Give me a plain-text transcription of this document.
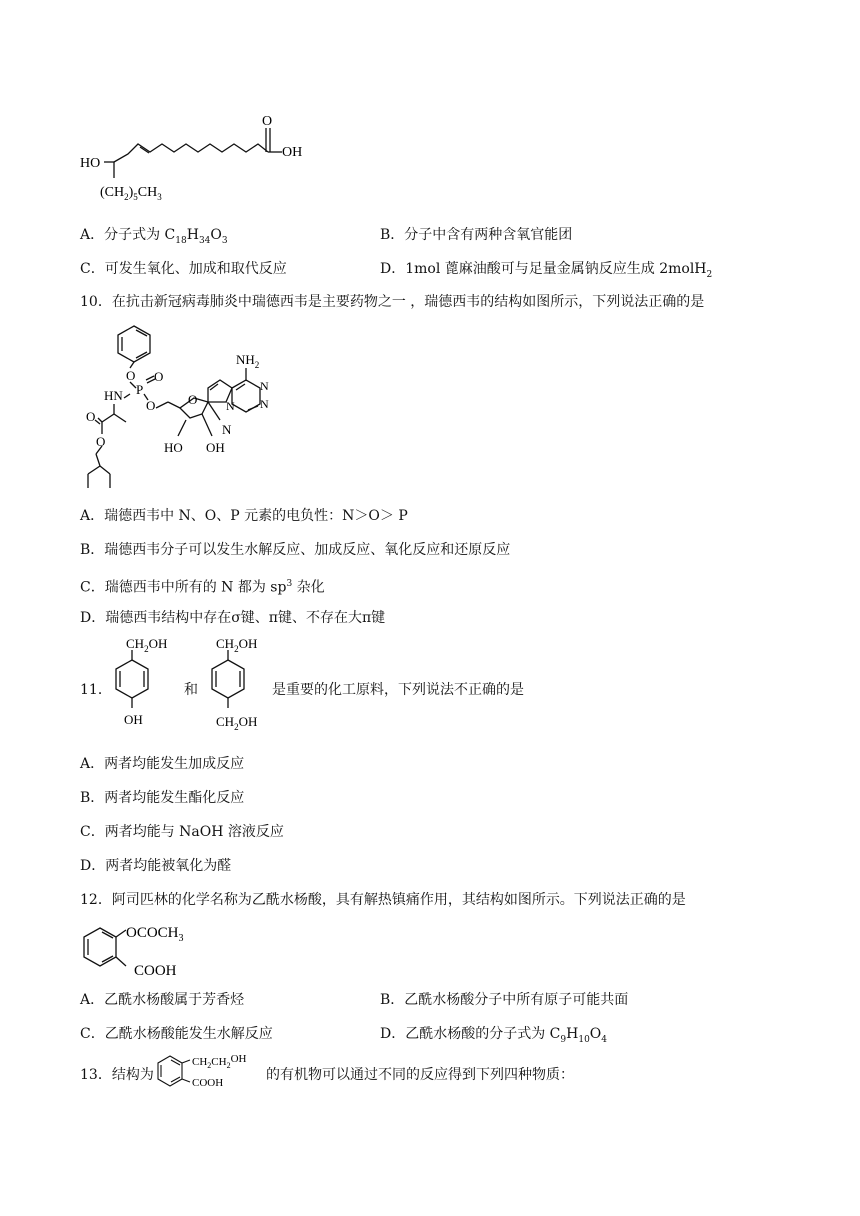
O
OH
HO
$(CH_2)_5CH_3$
A．分子式为 $C_{18}H_{34}O_3$	B．分子中含有两种含氧官能团
C．可发生氧化、加成和取代反应	D．1mol 蓖麻油酸可与足量金属钠反应生成 2molH$_2$
10．在抗击新冠病毒肺炎中瑞德西韦是主要药物之一 ，瑞德西韦的结构如图所示，下列说法正确的是
O
P
O
O
HN
O
O
O
HO OH
N
$NH_2$
N
N
N
A．瑞德西韦中 N、O、P 元素的电负性：N＞O＞ P
B．瑞德西韦分子可以发生水解反应、加成反应、氧化反应和还原反应
C．瑞德西韦中所有的 N 都为 $sp^3$ 杂化
D．瑞德西韦结构中存在σ键、π键、不存在大π键
11．
$CH_2OH$
OH
和
$CH_2OH$
$CH_2OH$
是重要的化工原料，下列说法不正确的是
A．两者均能发生加成反应
B．两者均能发生酯化反应
C．两者均能与 NaOH 溶液反应
D．两者均能被氧化为醛
12．阿司匹林的化学名称为乙酰水杨酸，具有解热镇痛作用，其结构如图所示。下列说法正确的是
$OCOCH_3$
COOH
A．乙酰水杨酸属于芳香烃	B．乙酰水杨酸分子中所有原子可能共面
C．乙酰水杨酸能发生水解反应	D．乙酰水杨酸的分子式为 $C_9H_{10}O_4$
13．结构为
$CH_2CH_2OH$
COOH	的有机物可以通过不同的反应得到下列四种物质：
